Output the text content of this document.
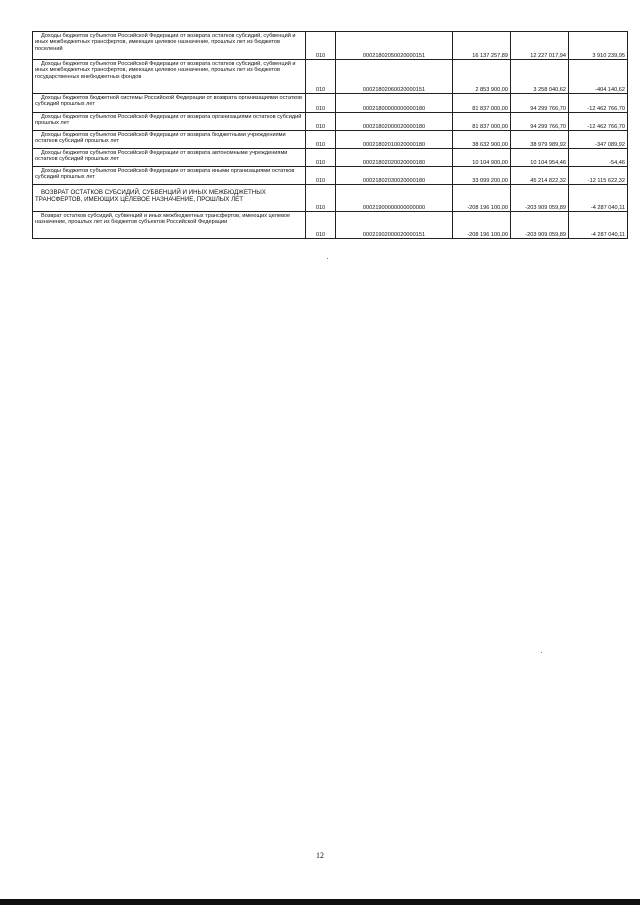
Доходы бюджетов субъектов Российской Федерации от возврата остатков субсидий, субвенций и иных межбюджетных трансфертов, имеющих целевое назначение, прошлых лет из бюджетов поселений	010	00021802050020000151	16 137 257,89	12 227 017,94	3 910 239,95

Доходы бюджетов субъектов Российской Федерации от возврата остатков субсидий, субвенций и иных межбюджетных трансфертов, имеющих целевое назначение, прошлых лет из бюджетов государственных внебюджетных фондов	010	00021802060020000151	2 853 900,00	3 258 040,62	-404 140,62

Доходы бюджетов бюджетной системы Российской Федерации от возврата организациями остатков субсидий прошлых лет	010	00021800000000000180	81 837 000,00	94 299 766,70	-12 462 766,70

Доходы бюджетов субъектов Российской Федерации от возврата организациями остатков субсидий прошлых лет	010	00021802000020000180	81 837 000,00	94 299 766,70	-12 462 766,70

Доходы бюджетов субъектов Российской Федерации от возврата бюджетными учреждениями остатков субсидий прошлых лет	010	00021802010020000180	38 632 900,00	38 979 989,92	-347 089,92

Доходы бюджетов субъектов Российской Федерации от возврата автономными учреждениями остатков субсидий прошлых лет	010	00021802020020000180	10 104 900,00	10 104 954,46	-54,46

Доходы бюджетов субъектов Российской Федерации от возврата иными организациями остатков субсидий прошлых лет	010	00021802030020000180	33 099 200,00	45 214 822,32	-12 115 622,32

ВОЗВРАТ ОСТАТКОВ СУБСИДИЙ, СУБВЕНЦИЙ И ИНЫХ МЕЖБЮДЖЕТНЫХ ТРАНСФЕРТОВ, ИМЕЮЩИХ ЦЕЛЕВОЕ НАЗНАЧЕНИЕ, ПРОШЛЫХ ЛЕТ	010	00021900000000000000	-208 196 100,00	-203 909 059,89	-4 287 040,11

Возврат остатков субсидий, субвенций и иных межбюджетных трансфертов, имеющих целевое назначение, прошлых лет из бюджетов субъектов Российской Федерации	010	00021902000020000151	-208 196 100,00	-203 909 059,89	-4 287 040,11
12
